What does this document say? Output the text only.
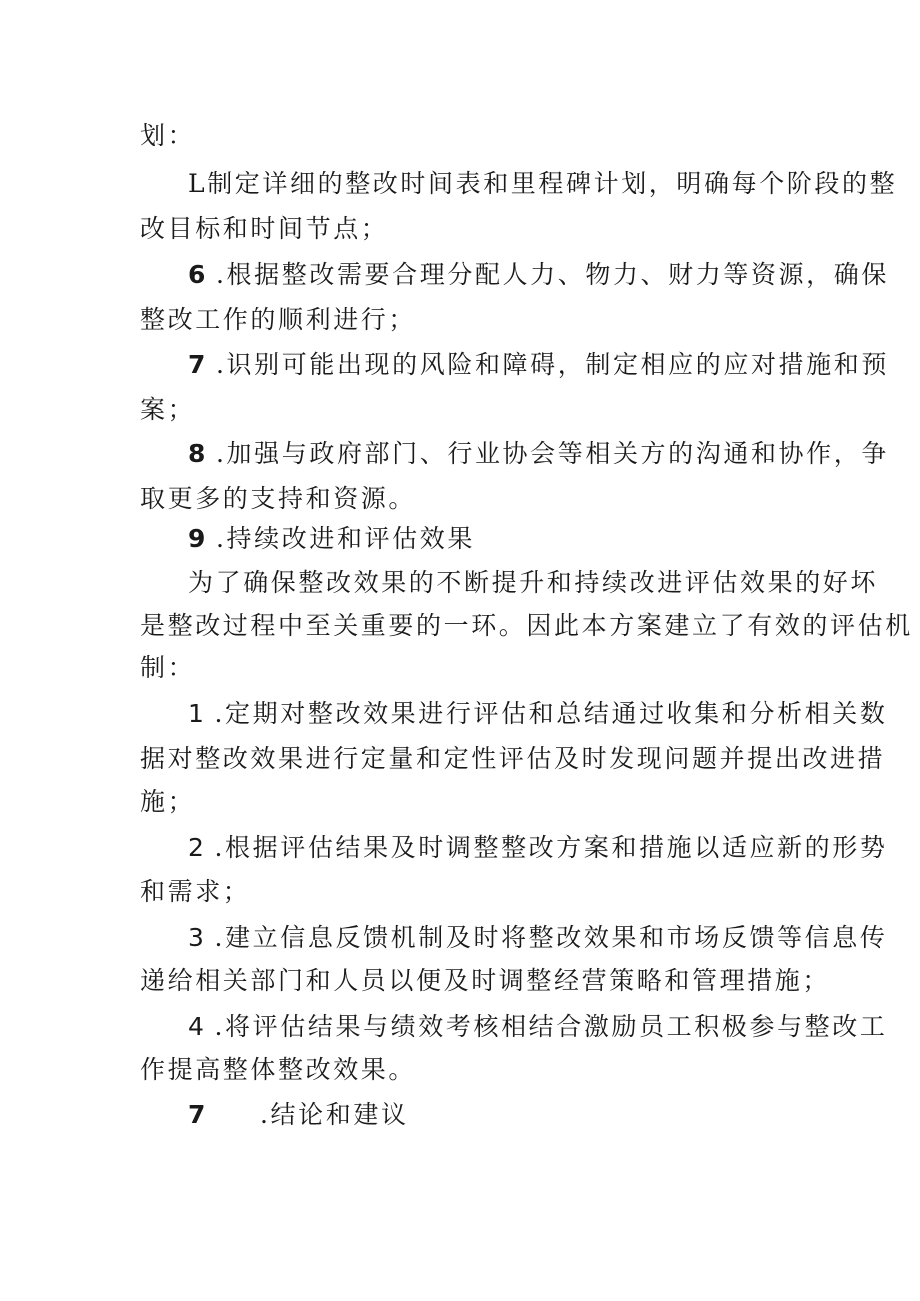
划：
L制定详细的整改时间表和里程碑计划，明确每个阶段的整
改目标和时间节点；
6 .根据整改需要合理分配人力、物力、财力等资源，确保
整改工作的顺利进行；
7 .识别可能出现的风险和障碍，制定相应的应对措施和预
案；
8 .加强与政府部门、行业协会等相关方的沟通和协作，争
取更多的支持和资源。
9 .持续改进和评估效果
为了确保整改效果的不断提升和持续改进评估效果的好坏
是整改过程中至关重要的一环。因此本方案建立了有效的评估机
制：
1 .定期对整改效果进行评估和总结通过收集和分析相关数
据对整改效果进行定量和定性评估及时发现问题并提出改进措
施；
2 .根据评估结果及时调整整改方案和措施以适应新的形势
和需求；
3 .建立信息反馈机制及时将整改效果和市场反馈等信息传
递给相关部门和人员以便及时调整经营策略和管理措施；
4 .将评估结果与绩效考核相结合激励员工积极参与整改工
作提高整体整改效果。
7 .结论和建议
